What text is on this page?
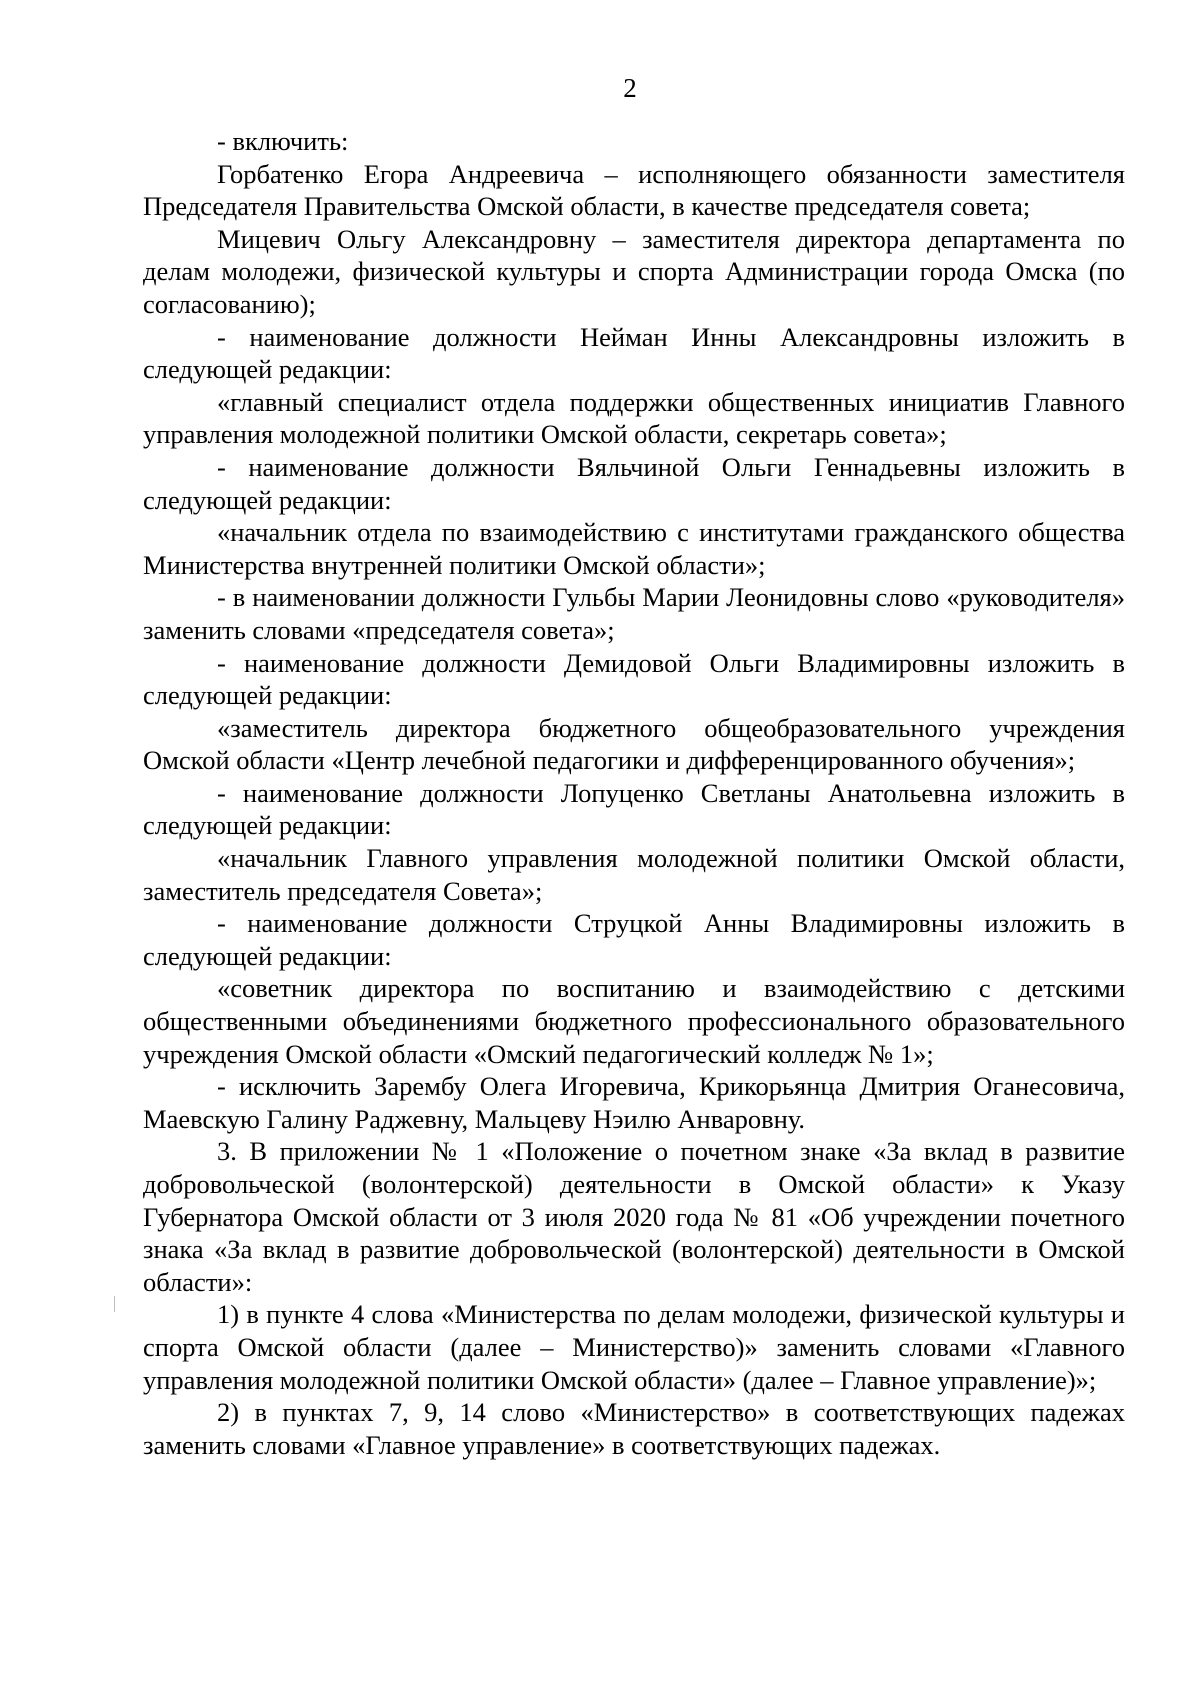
2

- включить:

Горбатенко Егора Андреевича – исполняющего обязанности заместителя Председателя Правительства Омской области, в качестве председателя совета;

Мицевич Ольгу Александровну – заместителя директора департамента по делам молодежи, физической культуры и спорта Администрации города Омска (по согласованию);

- наименование должности Нейман Инны Александровны изложить в следующей редакции:

«главный специалист отдела поддержки общественных инициатив Главного управления молодежной политики Омской области, секретарь совета»;

- наименование должности Вяльчиной Ольги Геннадьевны изложить в следующей редакции:

«начальник отдела по взаимодействию с институтами гражданского общества Министерства внутренней политики Омской области»;

- в наименовании должности Гульбы Марии Леонидовны слово «руководителя» заменить словами «председателя совета»;

- наименование должности Демидовой Ольги Владимировны изложить в следующей редакции:

«заместитель директора бюджетного общеобразовательного учреждения Омской области «Центр лечебной педагогики и дифференцированного обучения»;

- наименование должности Лопуценко Светланы Анатольевна изложить в следующей редакции:

«начальник Главного управления молодежной политики Омской области, заместитель председателя Совета»;

- наименование должности Струцкой Анны Владимировны изложить в следующей редакции:

«советник директора по воспитанию и взаимодействию с детскими общественными объединениями бюджетного профессионального образовательного учреждения Омской области «Омский педагогический колледж № 1»;

- исключить Зарембу Олега Игоревича, Крикорьянца Дмитрия Оганесовича, Маевскую Галину Раджевну, Мальцеву Нэилю Анваровну.

3. В приложении № 1 «Положение о почетном знаке «За вклад в развитие добровольческой (волонтерской) деятельности в Омской области» к Указу Губернатора Омской области от 3 июля 2020 года № 81 «Об учреждении почетного знака «За вклад в развитие добровольческой (волонтерской) деятельности в Омской области»:

1) в пункте 4 слова «Министерства по делам молодежи, физической культуры и спорта Омской области (далее – Министерство)» заменить словами «Главного управления молодежной политики Омской области» (далее – Главное управление)»;

2) в пунктах 7, 9, 14 слово «Министерство» в соответствующих падежах заменить словами «Главное управление» в соответствующих падежах.
